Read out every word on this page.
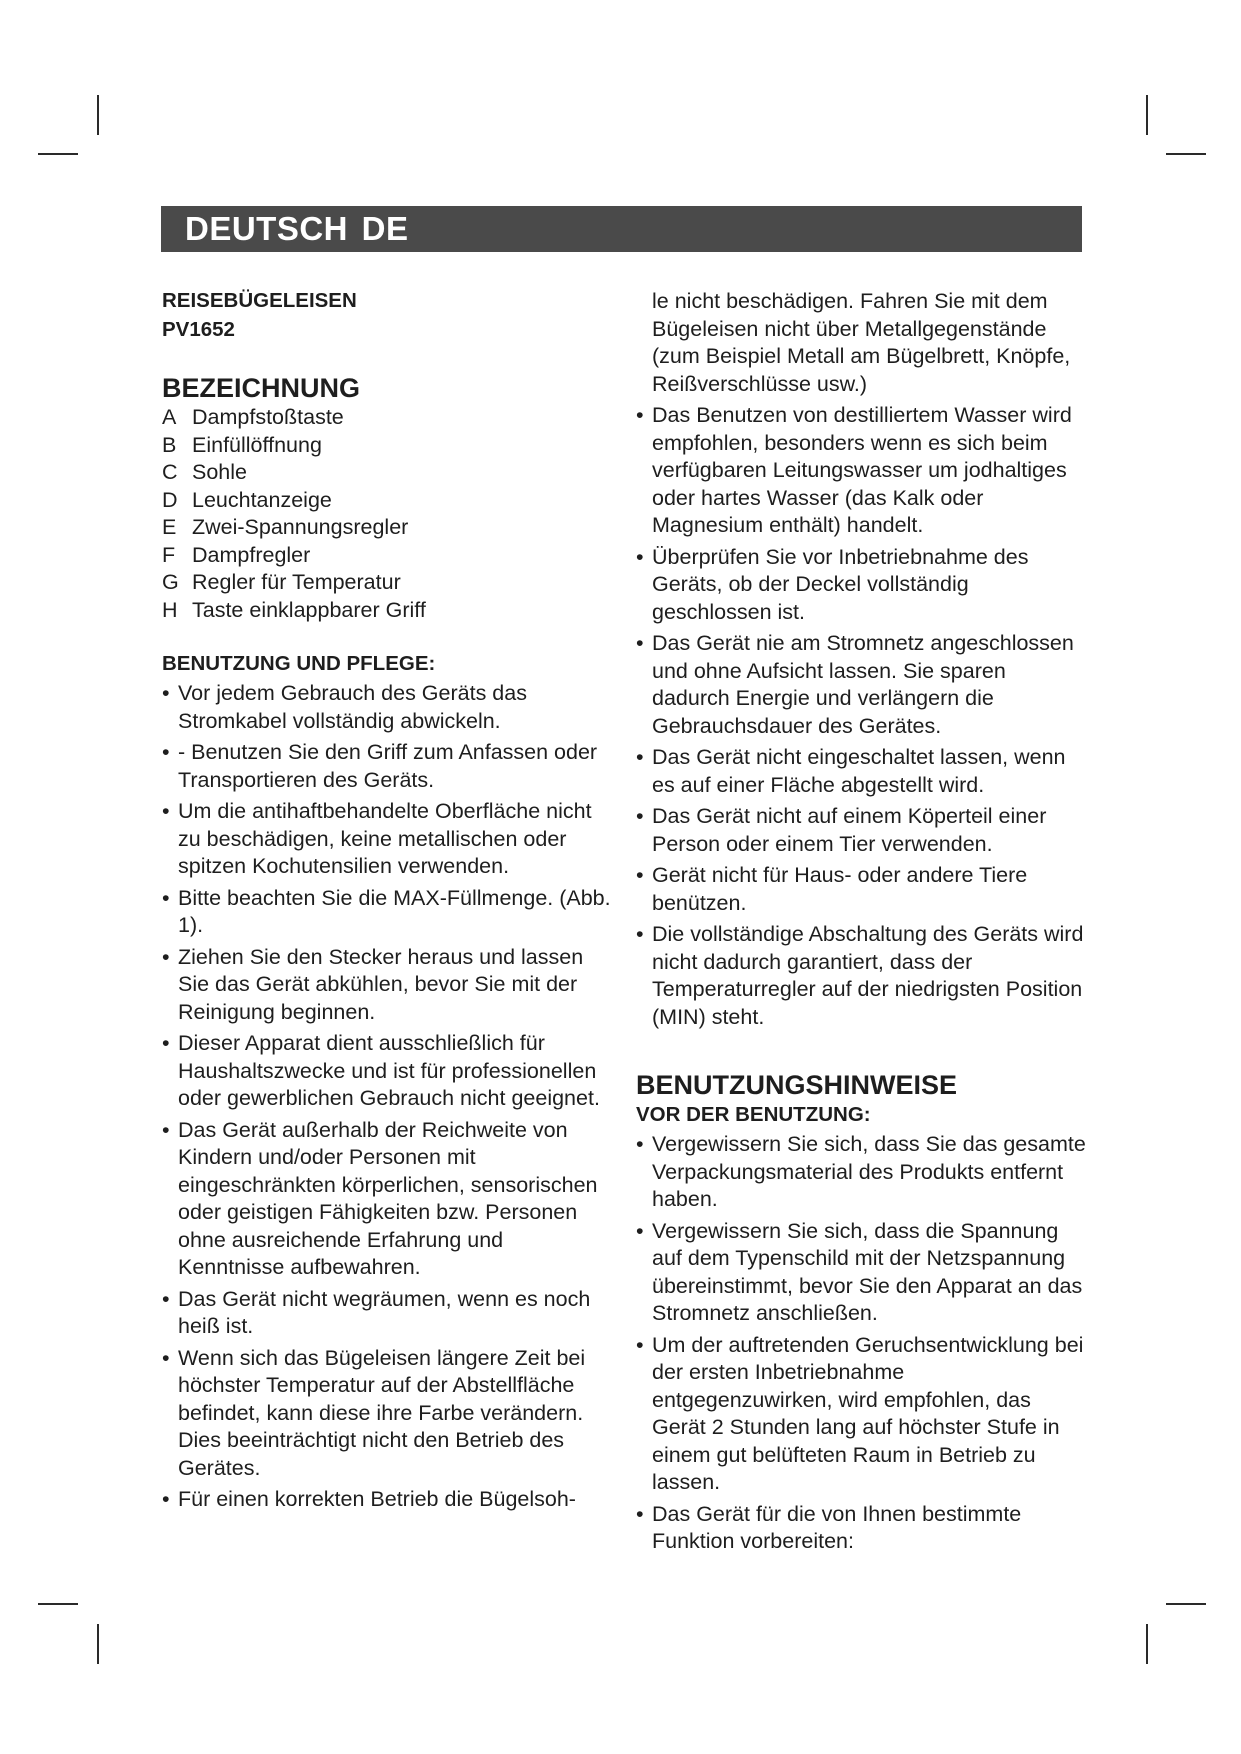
DEUTSCH DE
REISEBÜGELEISEN
PV1652
BEZEICHNUNG
A Dampfstoßtaste
B Einfüllöffnung
C Sohle
D Leuchtanzeige
E Zwei-Spannungsregler
F Dampfregler
G Regler für Temperatur
H Taste einklappbarer Griff
BENUTZUNG UND PFLEGE:
• Vor jedem Gebrauch des Geräts das Stromkabel vollständig abwickeln.
• - Benutzen Sie den Griff zum Anfassen oder Transportieren des Geräts.
• Um die antihaftbehandelte Oberfläche nicht zu beschädigen, keine metallischen oder spitzen Kochutensilien verwenden.
• Bitte beachten Sie die MAX-Füllmenge. (Abb. 1).
• Ziehen Sie den Stecker heraus und lassen Sie das Gerät abkühlen, bevor Sie mit der Reinigung beginnen.
• Dieser Apparat dient ausschließlich für Haushaltszwecke und ist für professionellen oder gewerblichen Gebrauch nicht geeignet.
• Das Gerät außerhalb der Reichweite von Kindern und/oder Personen mit eingeschränkten körperlichen, sensorischen oder geistigen Fähigkeiten bzw. Personen ohne ausreichende Erfahrung und Kenntnisse aufbewahren.
• Das Gerät nicht wegräumen, wenn es noch heiß ist.
• Wenn sich das Bügeleisen längere Zeit bei höchster Temperatur auf der Abstellfläche befindet, kann diese ihre Farbe verändern. Dies beeinträchtigt nicht den Betrieb des Gerätes.
• Für einen korrekten Betrieb die Bügelsoh-
le nicht beschädigen. Fahren Sie mit dem Bügeleisen nicht über Metallgegenstände (zum Beispiel Metall am Bügelbrett, Knöpfe, Reißverschlüsse usw.)
• Das Benutzen von destilliertem Wasser wird empfohlen, besonders wenn es sich beim verfügbaren Leitungswasser um jodhaltiges oder hartes Wasser (das Kalk oder Magnesium enthält) handelt.
• Überprüfen Sie vor Inbetriebnahme des Geräts, ob der Deckel vollständig geschlossen ist.
• Das Gerät nie am Stromnetz angeschlossen und ohne Aufsicht lassen. Sie sparen dadurch Energie und verlängern die Gebrauchsdauer des Gerätes.
• Das Gerät nicht eingeschaltet lassen, wenn es auf einer Fläche abgestellt wird.
• Das Gerät nicht auf einem Köperteil einer Person oder einem Tier verwenden.
• Gerät nicht für Haus- oder andere Tiere benützen.
• Die vollständige Abschaltung des Geräts wird nicht dadurch garantiert, dass der Temperaturregler auf der niedrigsten Position (MIN) steht.
BENUTZUNGSHINWEISE
VOR DER BENUTZUNG:
• Vergewissern Sie sich, dass Sie das gesamte Verpackungsmaterial des Produkts entfernt haben.
• Vergewissern Sie sich, dass die Spannung auf dem Typenschild mit der Netzspannung übereinstimmt, bevor Sie den Apparat an das Stromnetz anschließen.
• Um der auftretenden Geruchsentwicklung bei der ersten Inbetriebnahme entgegenzuwirken, wird empfohlen, das Gerät 2 Stunden lang auf höchster Stufe in einem gut belüfteten Raum in Betrieb zu lassen.
• Das Gerät für die von Ihnen bestimmte Funktion vorbereiten:
